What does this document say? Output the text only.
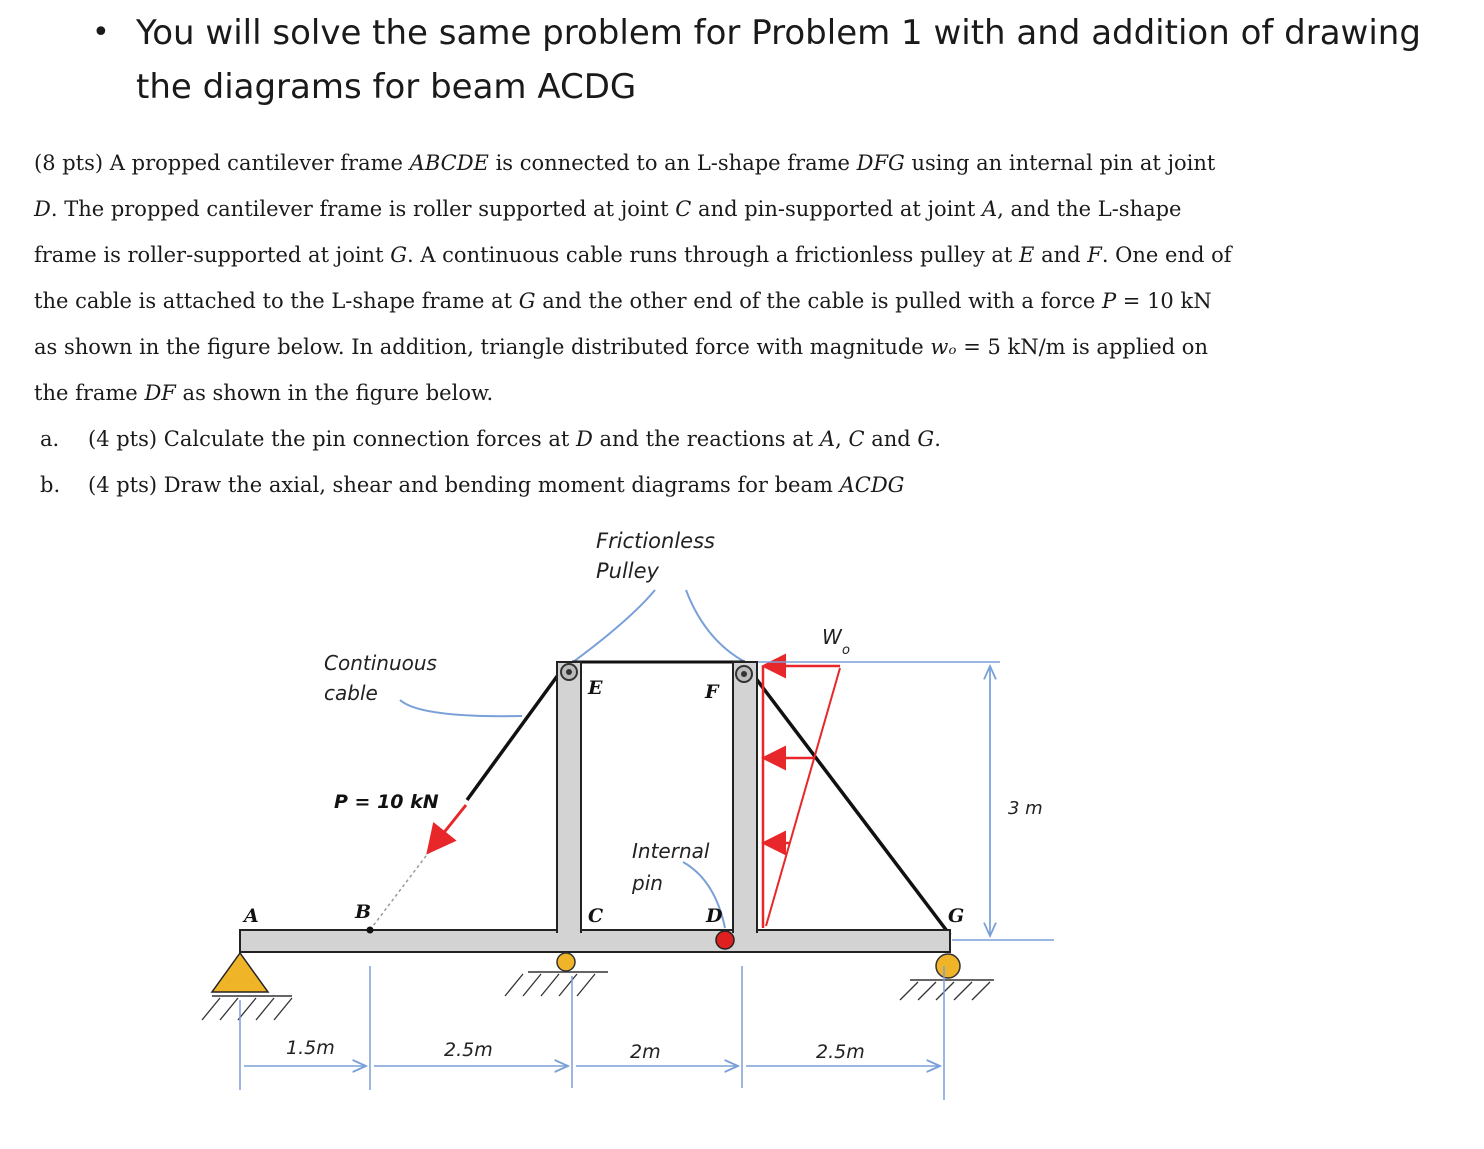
• You will solve the same problem for Problem 1 with and addition of drawing the diagrams for beam ACDG

(8 pts) A propped cantilever frame ABCDE is connected to an L-shape frame DFG using an internal pin at joint D. The propped cantilever frame is roller supported at joint C and pin-supported at joint A, and the L-shape frame is roller-supported at joint G. A continuous cable runs through a frictionless pulley at E and F. One end of the cable is attached to the L-shape frame at G and the other end of the cable is pulled with a force P = 10 kN as shown in the figure below. In addition, triangle distributed force with magnitude wₒ = 5 kN/m is applied on the frame DF as shown in the figure below.

a. (4 pts) Calculate the pin connection forces at D and the reactions at A, C and G.
b. (4 pts) Draw the axial, shear and bending moment diagrams for beam ACDG
Frictionless
Pulley
Continuous
cable
P = 10 kN
W
o
Internal
pin
A	B	C	D
E	F
G
1.5m	2.5m	2m	2.5m
3 m
